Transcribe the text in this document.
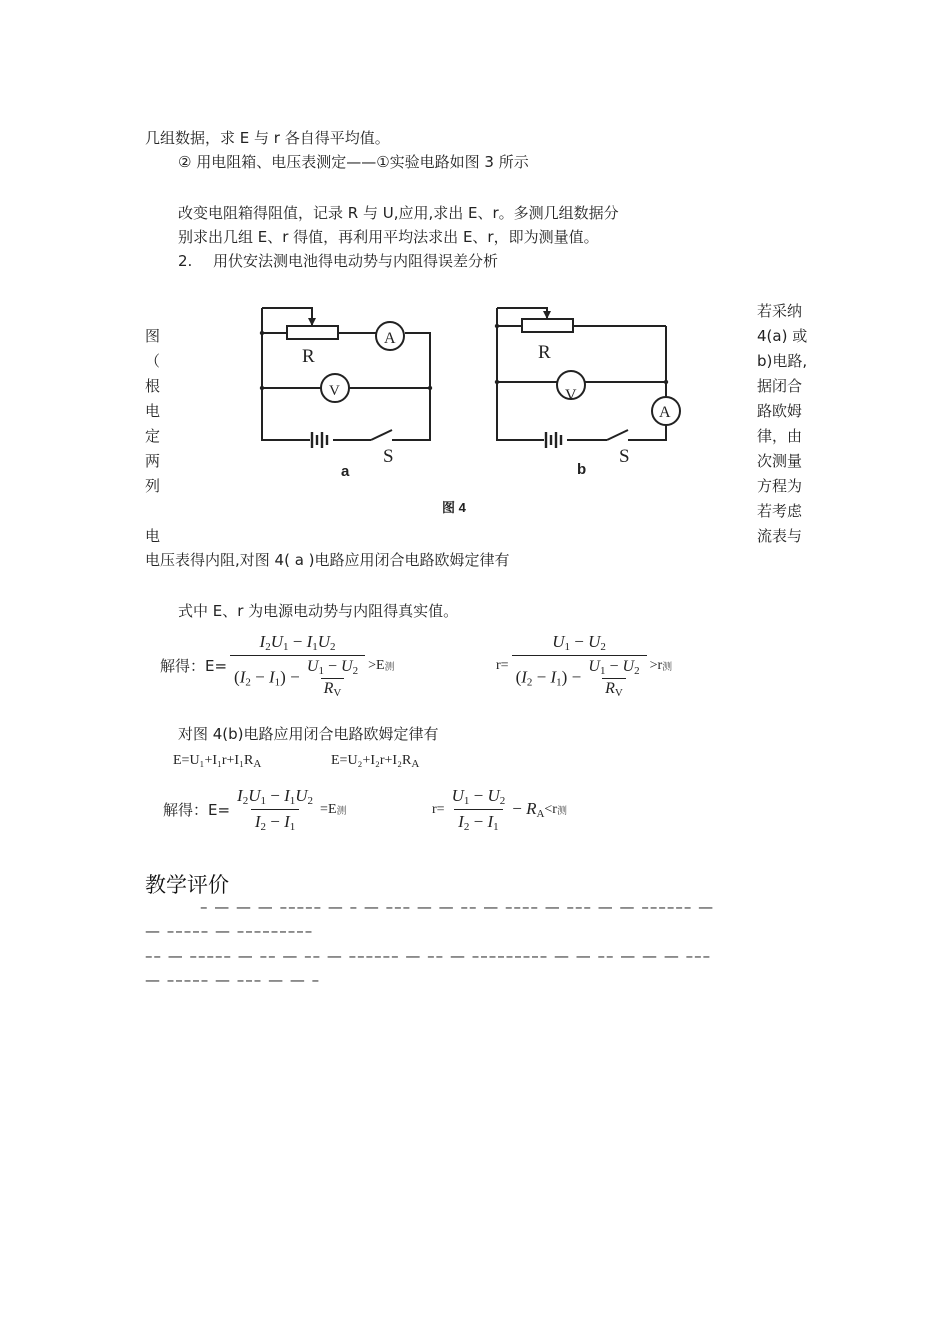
几组数据，求 E 与 r 各自得平均值。
② 用电阻箱、电压表测定——①实验电路如图 3 所示
改变电阻箱得阻值，记录 R 与 U,应用,求出 E、r。多测几组数据分
别求出几组 E、r 得值，再利用平均法求出 E、r，即为测量值。
2. 用伏安法测电池得电动势与内阻得误差分析
图
（
根
电
定
两
列
电
若采纳
4(a) 或
b)电路,
据闭合
路欧姆
律，由
次测量
方程为
若考虑
流表与
R
A
V
S
R
V
A
S
a	b
图 4
电压表得内阻,对图 4( a )电路应用闭合电路欧姆定律有
式中 E、r 为电源电动势与内阻得真实值。
解得：$E= \frac{I_2U_1 - I_1U_2}{(I_2 - I_1) - \frac{U_1 - U_2}{R_V}} >E$ 测	$r= \frac{U_1 - U_2}{(I_2 - I_1) - \frac{U_1 - U_2}{R_V}} >r$ 测
对图 4(b)电路应用闭合电路欧姆定律有
$E=U_1+I_1r+I_1R_A$	$E=U_2+I_2r+I_2R_A$
解得：$E= \frac{I_2U_1 - I_1U_2}{I_2 - I_1} =E$ 测	$r= \frac{U_1 - U_2}{I_2 - I_1} - R_A <r$ 测
教学评价
– — — — ––––– — – — ––– — — –– — –––– — ––– — — –––––– —
— ––––– — –––––––––
–– — ––––– — –– — –– — –––––– — –– — ––––––––– — — –– — — — –––
— ––––– — ––– — — –
